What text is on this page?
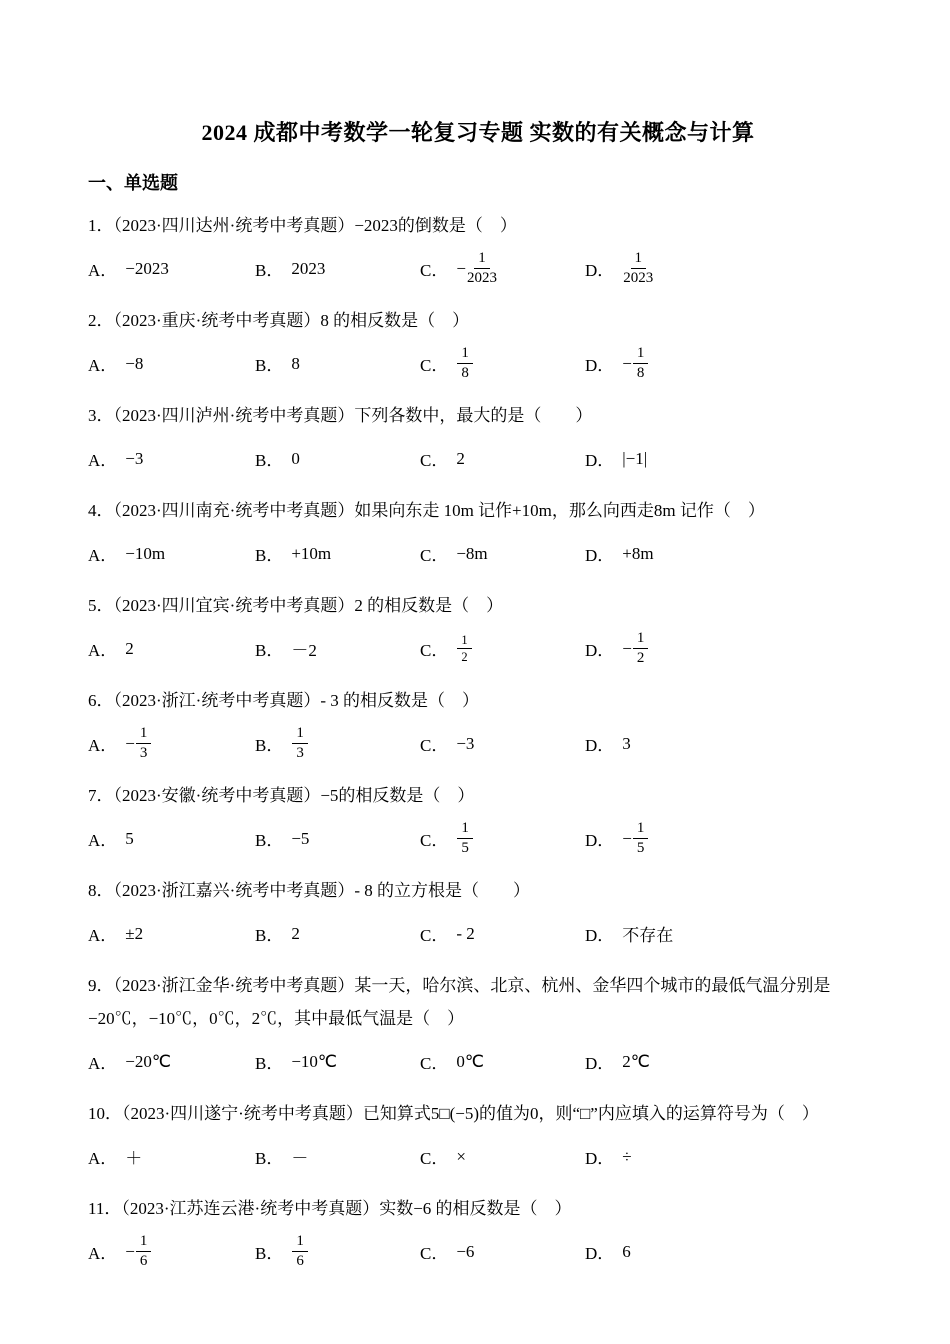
2024 成都中考数学一轮复习专题 实数的有关概念与计算
一、单选题

1．（2023·四川达州·统考中考真题）−2023的倒数是（　）

A． −2023	B． 2023	C． − $\frac{1}{2023}$	D． $\frac{1}{2023}$

2．（2023·重庆·统考中考真题）8 的相反数是（　）

A． −8	B． 8	C． $\frac{1}{8}$	D． − $\frac{1}{8}$

3．（2023·四川泸州·统考中考真题）下列各数中，最大的是（　　）

A． −3	B． 0	C． 2	D． |−1|

4．（2023·四川南充·统考中考真题）如果向东走 10m 记作+10m，那么向西走8m 记作（　）

A． −10m	B． +10m	C． −8m	D． +8m

5．（2023·四川宜宾·统考中考真题）2 的相反数是（　）

A． 2	B． －2	C． $\frac{1}{2}$	D． − $\frac{1}{2}$

6．（2023·浙江·统考中考真题）- 3 的相反数是（　）

A． − $\frac{1}{3}$	B． $\frac{1}{3}$	C． −3	D． 3

7．（2023·安徽·统考中考真题）−5的相反数是（　）

A． 5	B． −5	C． $\frac{1}{5}$	D． − $\frac{1}{5}$

8．（2023·浙江嘉兴·统考中考真题）- 8 的立方根是（　　）

A． ±2	B． 2	C． - 2	D． 不存在

9．（2023·浙江金华·统考中考真题）某一天，哈尔滨、北京、杭州、金华四个城市的最低气温分别是−20℃，−10℃，0℃，2℃，其中最低气温是（　）

A． −20℃	B． −10℃	C． 0℃	D． 2℃

10．（2023·四川遂宁·统考中考真题）已知算式5□(−5)的值为0，则“□”内应填入的运算符号为（　）

A． ＋	B． －	C． ×	D． ÷

11．（2023·江苏连云港·统考中考真题）实数−6 的相反数是（　）

A． − $\frac{1}{6}$	B． $\frac{1}{6}$	C． −6	D． 6
